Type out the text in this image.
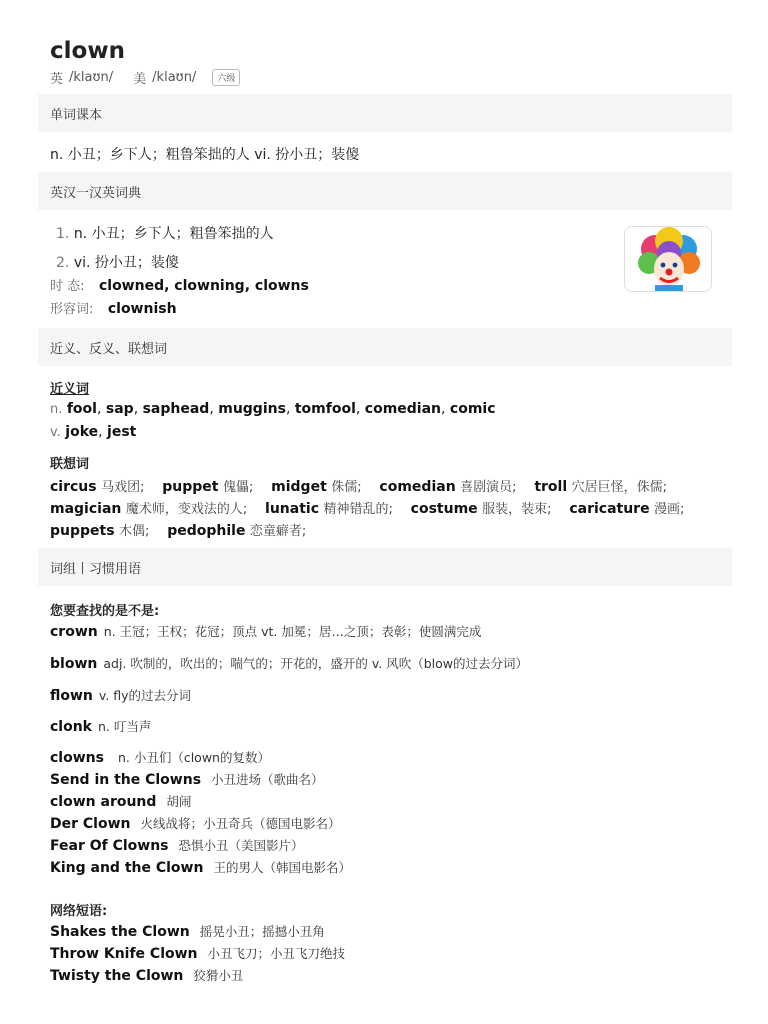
clown
英 /klaʊn/ 美 /klaʊn/	六级
单词课本
n. 小丑；乡下人；粗鲁笨拙的人 vi. 扮小丑；装傻
英汉一汉英词典
1. n. 小丑；乡下人；粗鲁笨拙的人
2. vi. 扮小丑；装傻
时 态: clowned, clowning, clowns
形容词: clownish
近义、反义、联想词
近义词
n. fool, sap, saphead, muggins, tomfool, comedian, comic
v. joke, jest
联想词
circus 马戏团; puppet 傀儡; midget 侏儒; comedian 喜剧演员; troll 穴居巨怪，侏儒;
magician 魔术师，变戏法的人; lunatic 精神错乱的; costume 服装，装束; caricature 漫画;
puppets 木偶; pedophile 恋童癖者;
词组丨习惯用语
您要查找的是不是:
crown n. 王冠；王权；花冠；顶点 vt. 加冕；居…之顶；表彰；使圆满完成
blown adj. 吹制的，吹出的；喘气的；开花的，盛开的 v. 风吹（blow的过去分词）
flown v. fly的过去分词
clonk n. 叮当声
clowns n. 小丑们（clown的复数）
Send in the Clowns 小丑进场（歌曲名）
clown around 胡闹
Der Clown 火线战将；小丑奇兵（德国电影名）
Fear Of Clowns 恐惧小丑（美国影片）
King and the Clown 王的男人（韩国电影名）
网络短语:
Shakes the Clown 摇晃小丑；摇撼小丑角
Throw Knife Clown 小丑飞刀；小丑飞刀绝技
Twisty the Clown 狡猾小丑
